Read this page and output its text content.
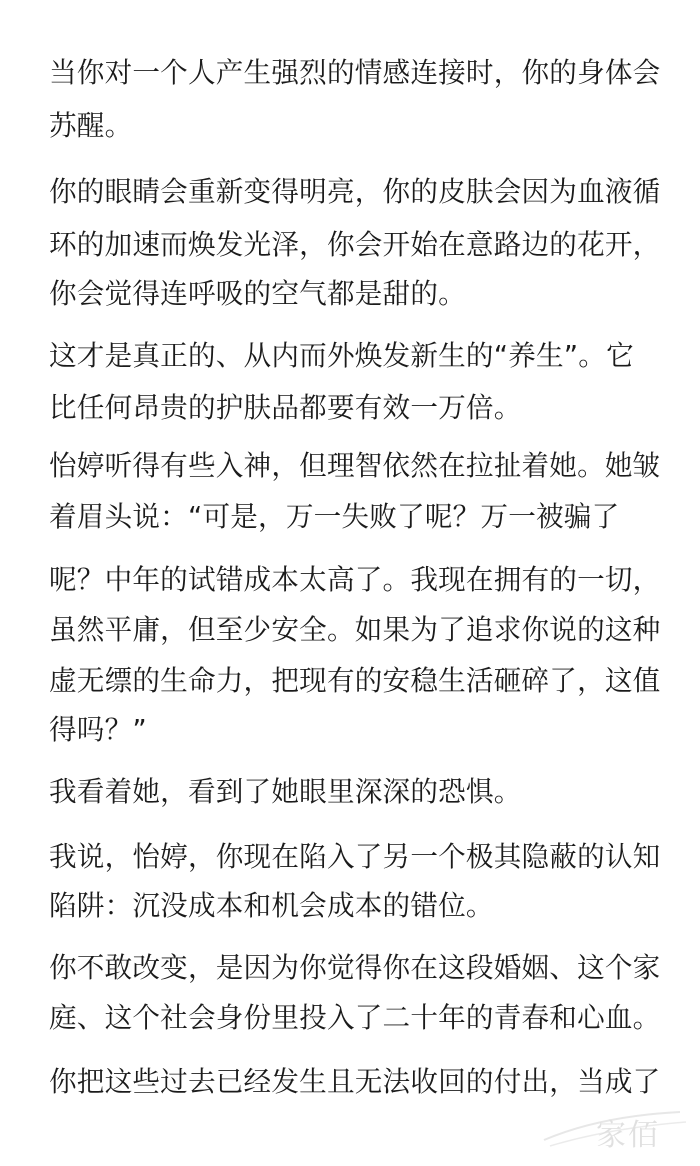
当你对一个人产生强烈的情感连接时，你的身体会
苏醒。
你的眼睛会重新变得明亮，你的皮肤会因为血液循
环的加速而焕发光泽，你会开始在意路边的花开，
你会觉得连呼吸的空气都是甜的。
这才是真正的、从内而外焕发新生的“养生”。它
比任何昂贵的护肤品都要有效一万倍。
怡婷听得有些入神，但理智依然在拉扯着她。她皱
着眉头说：“可是，万一失败了呢？万一被骗了
呢？中年的试错成本太高了。我现在拥有的一切，
虽然平庸，但至少安全。如果为了追求你说的这种
虚无缥的生命力，把现有的安稳生活砸碎了，这值
得吗？”
我看着她，看到了她眼里深深的恐惧。
我说，怡婷，你现在陷入了另一个极其隐蔽的认知
陷阱：沉没成本和机会成本的错位。
你不敢改变，是因为你觉得你在这段婚姻、这个家
庭、这个社会身份里投入了二十年的青春和心血。
你把这些过去已经发生且无法收回的付出，当成了
家佰
